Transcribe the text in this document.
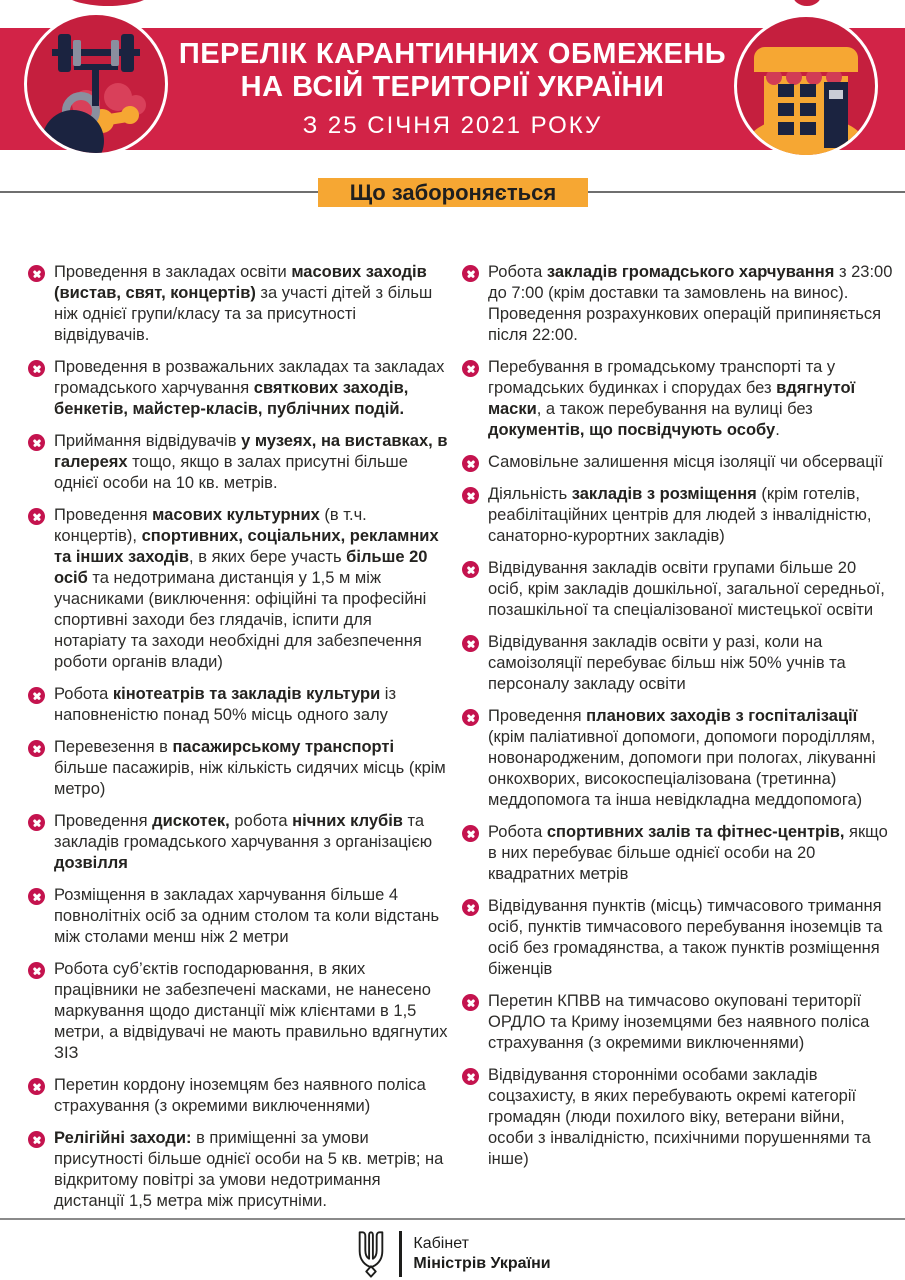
ПЕРЕЛІК КАРАНТИННИХ ОБМЕЖЕНЬ
НА ВСІЙ ТЕРИТОРІЇ УКРАЇНИ
З 25 СІЧНЯ 2021 РОКУ
Що забороняється

Проведення в закладах освіти масових заходів (вистав, свят, концертів) за участі дітей з більш ніж однієї групи/класу та за присутності відвідувачів.

Проведення в розважальних закладах та закладах громадського харчування святкових заходів, бенкетів, майстер-класів, публічних подій.

Приймання відвідувачів у музеях, на виставках, в галереях тощо, якщо в залах присутні більше однієї особи на 10 кв. метрів.

Проведення масових культурних (в т.ч. концертів), спортивних, соціальних, рекламних та інших заходів, в яких бере участь більше 20 осіб та недотримана дистанція у 1,5 м між учасниками (виключення: офіційні та професійні спортивні заходи без глядачів, іспити для нотаріату та заходи необхідні для забезпечення роботи органів влади)

Робота кінотеатрів та закладів культури із наповненістю понад 50% місць одного залу

Перевезення в пасажирському транспорті більше пасажирів, ніж кількість сидячих місць (крім метро)

Проведення дискотек, робота нічних клубів та закладів громадського харчування з організацією дозвілля

Розміщення в закладах харчування більше 4 повнолітніх осіб за одним столом та коли відстань між столами менш ніж 2 метри

Робота суб’єктів господарювання, в яких працівники не забезпечені масками, не нанесено маркування щодо дистанції між клієнтами в 1,5 метри, а відвідувачі не мають правильно вдягнутих ЗІЗ

Перетин кордону іноземцям без наявного поліса страхування (з окремими виключеннями)

Релігійні заходи: в приміщенні за умови присутності більше однієї особи на 5 кв. метрів; на відкритому повітрі за умови недотримання дистанції 1,5 метра між присутніми.

Робота закладів громадського харчування з 23:00 до 7:00 (крім доставки та замовлень на винос). Проведення розрахункових операцій припиняється після 22:00.

Перебування в громадському транспорті та у громадських будинках і спорудах без вдягнутої маски, а також перебування на вулиці без документів, що посвідчують особу.

Самовільне залишення місця ізоляції чи обсервації

Діяльність закладів з розміщення (крім готелів, реабілітаційних центрів для людей з інвалідністю, санаторно-курортних закладів)

Відвідування закладів освіти групами більше 20 осіб, крім закладів дошкільної, загальної середньої, позашкільної та спеціалізованої мистецької освіти

Відвідування закладів освіти у разі, коли на самоізоляції перебуває більш ніж 50% учнів та персоналу закладу освіти

Проведення планових заходів з госпіталізації (крім паліативної допомоги, допомоги породіллям, новонародженим, допомоги при пологах, лікуванні онкохворих, високоспеціалізована (третинна) меддопомога та інша невідкладна меддопомога)

Робота спортивних залів та фітнес-центрів, якщо в них перебуває більше однієї особи на 20 квадратних метрів

Відвідування пунктів (місць) тимчасового тримання осіб, пунктів тимчасового перебування іноземців та осіб без громадянства, а також пунктів розміщення біженців

Перетин КПВВ на тимчасово окуповані території ОРДЛО та Криму іноземцями без наявного поліса страхування (з окремими виключеннями)

Відвідування сторонніми особами закладів соцзахисту, в яких перебувають окремі категорії громадян (люди похилого віку, ветерани війни, особи з інвалідністю, психічними порушеннями та інше)

Кабінет
Міністрів України
